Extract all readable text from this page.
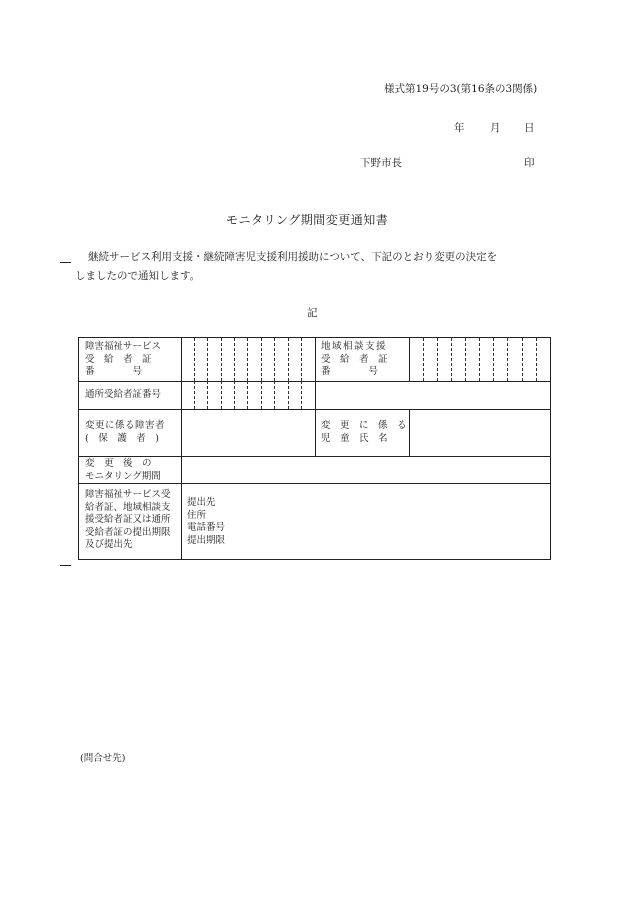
様式第19号の3(第16条の3関係)
年 月 日
下野市長	印
モニタリング期間変更通知書
継続サービス利用支援・継続障害児支援利用援助について、下記のとおり変更の決定を
しましたので通知します。
記
障害福祉サービス
受　給　者　証
番　　　　号
地域相談支援
受　給　者　証
番　　　　号
通所受給者証番号
変更に係る障害者
(　保　護　者　)
変　更　に　係　る
児　童　氏　名
変　更　後　の
モニタリング期間
障害福祉サービス受
給者証、地域相談支
援受給者証又は通所
受給者証の提出期限
及び提出先
提出先
住所
電話番号
提出期限
(問合せ先)
